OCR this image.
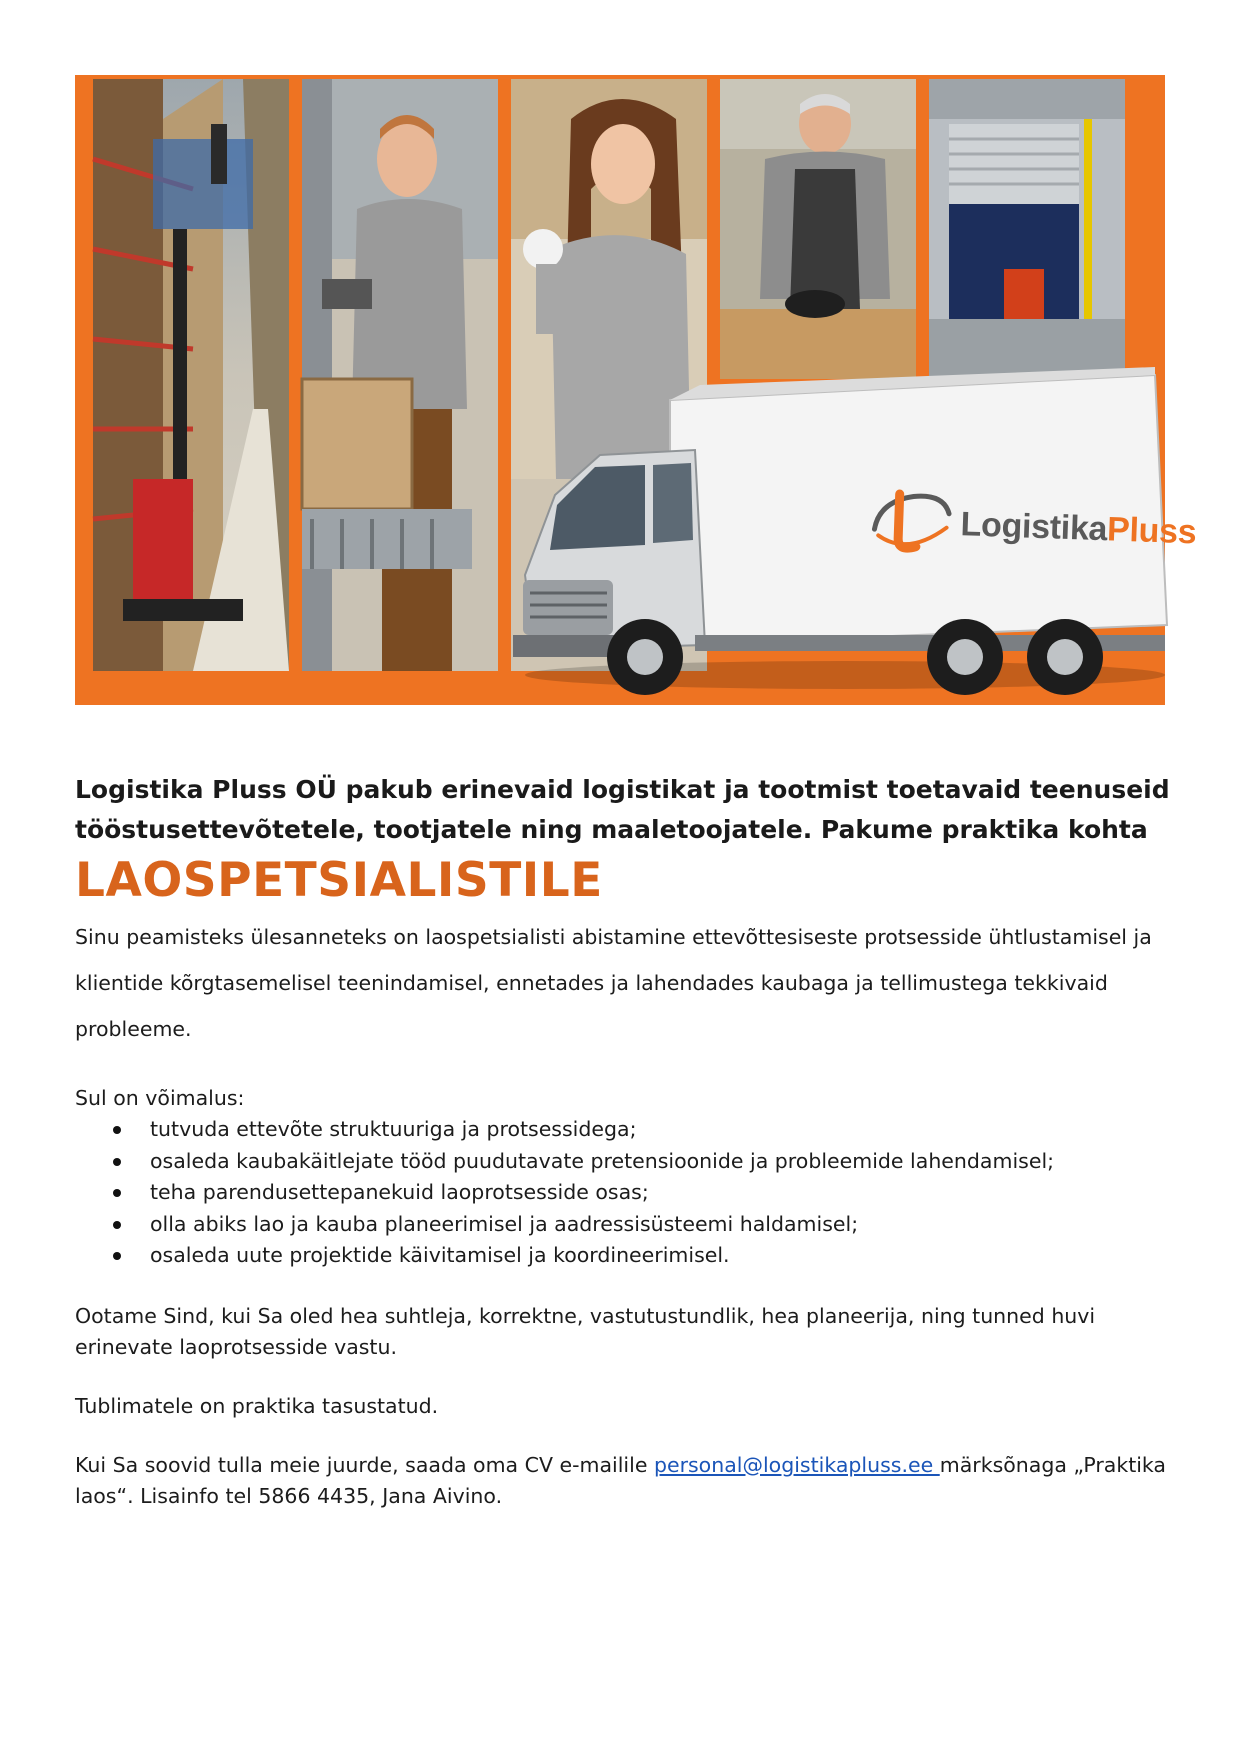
LogistikaPluss

Logistika Pluss OÜ pakub erinevaid logistikat ja tootmist toetavaid teenuseid tööstusettevõtetele, tootjatele ning maaletoojatele. Pakume praktika kohta

LAOSPETSIALISTILE

Sinu peamisteks ülesanneteks on laospetsialisti abistamine ettevõttesiseste protsesside ühtlustamisel ja klientide kõrgtasemelisel teenindamisel, ennetades ja lahendades kaubaga ja tellimustega tekkivaid probleeme.

Sul on võimalus:

tutvuda ettevõte struktuuriga ja protsessidega;
osaleda kaubakäitlejate tööd puudutavate pretensioonide ja probleemide lahendamisel;
teha parendusettepanekuid laoprotsesside osas;
olla abiks lao ja kauba planeerimisel ja aadressisüsteemi haldamisel;
osaleda uute projektide käivitamisel ja koordineerimisel.

Ootame Sind, kui Sa oled hea suhtleja, korrektne, vastutustundlik, hea planeerija, ning tunned huvi erinevate laoprotsesside vastu.

Tublimatele on praktika tasustatud.

Kui Sa soovid tulla meie juurde, saada oma CV e-mailile personal@logistikapluss.ee märksõnaga „Praktika laos“. Lisainfo tel 5866 4435, Jana Aivino.
